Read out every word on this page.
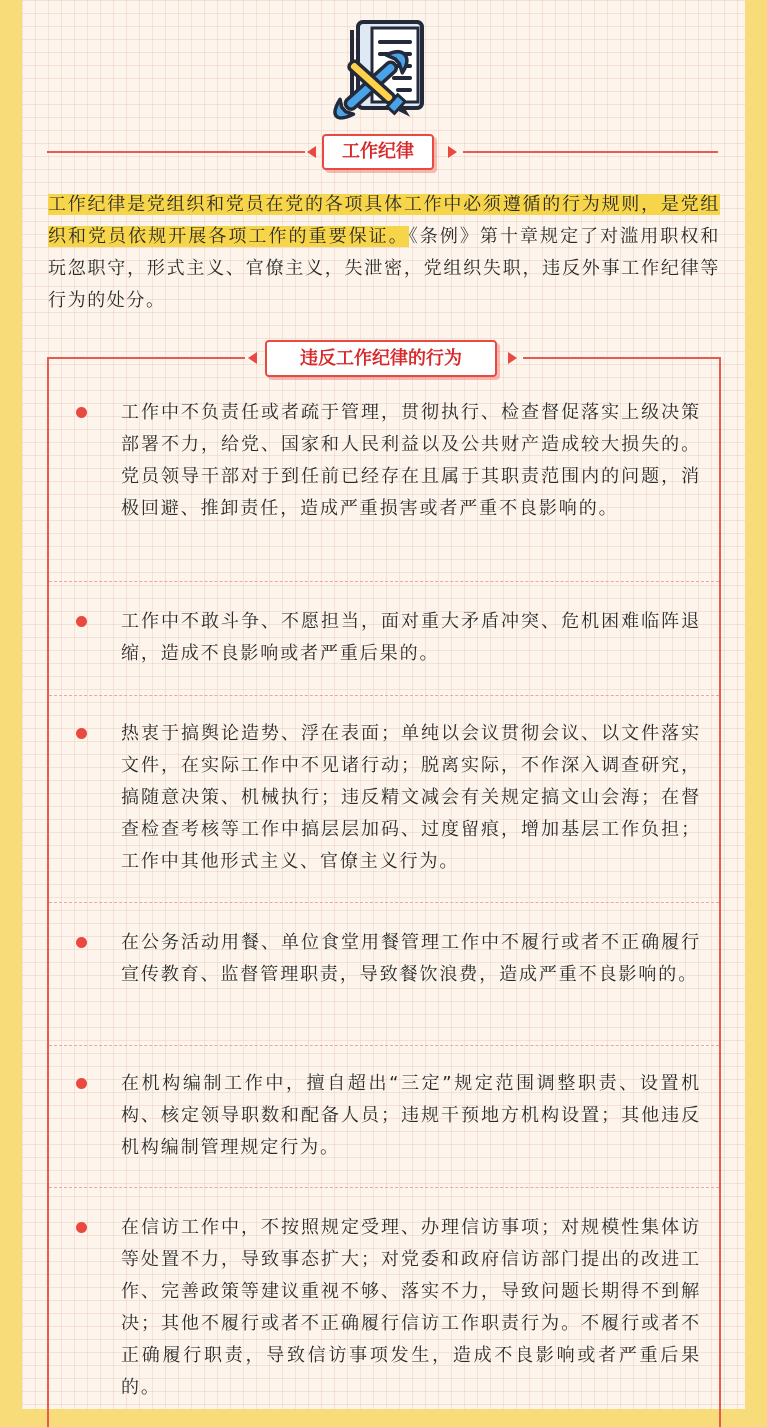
工作纪律

工作纪律是党组织和党员在党的各项具体工作中必须遵循的行为规则，是党组织和党员依规开展各项工作的重要保证。《条例》第十章规定了对滥用职权和玩忽职守，形式主义、官僚主义，失泄密，党组织失职，违反外事工作纪律等行为的处分。

违反工作纪律的行为

工作中不负责任或者疏于管理，贯彻执行、检查督促落实上级决策部署不力，给党、国家和人民利益以及公共财产造成较大损失的。党员领导干部对于到任前已经存在且属于其职责范围内的问题，消极回避、推卸责任，造成严重损害或者严重不良影响的。

工作中不敢斗争、不愿担当，面对重大矛盾冲突、危机困难临阵退缩，造成不良影响或者严重后果的。

热衷于搞舆论造势、浮在表面；单纯以会议贯彻会议、以文件落实文件，在实际工作中不见诸行动；脱离实际，不作深入调查研究，搞随意决策、机械执行；违反精文减会有关规定搞文山会海；在督查检查考核等工作中搞层层加码、过度留痕，增加基层工作负担；工作中其他形式主义、官僚主义行为。

在公务活动用餐、单位食堂用餐管理工作中不履行或者不正确履行宣传教育、监督管理职责，导致餐饮浪费，造成严重不良影响的。

在机构编制工作中，擅自超出“三定”规定范围调整职责、设置机构、核定领导职数和配备人员；违规干预地方机构设置；其他违反机构编制管理规定行为。

在信访工作中，不按照规定受理、办理信访事项；对规模性集体访等处置不力，导致事态扩大；对党委和政府信访部门提出的改进工作、完善政策等建议重视不够、落实不力，导致问题长期得不到解决；其他不履行或者不正确履行信访工作职责行为。不履行或者不正确履行职责，导致信访事项发生，造成不良影响或者严重后果的。
